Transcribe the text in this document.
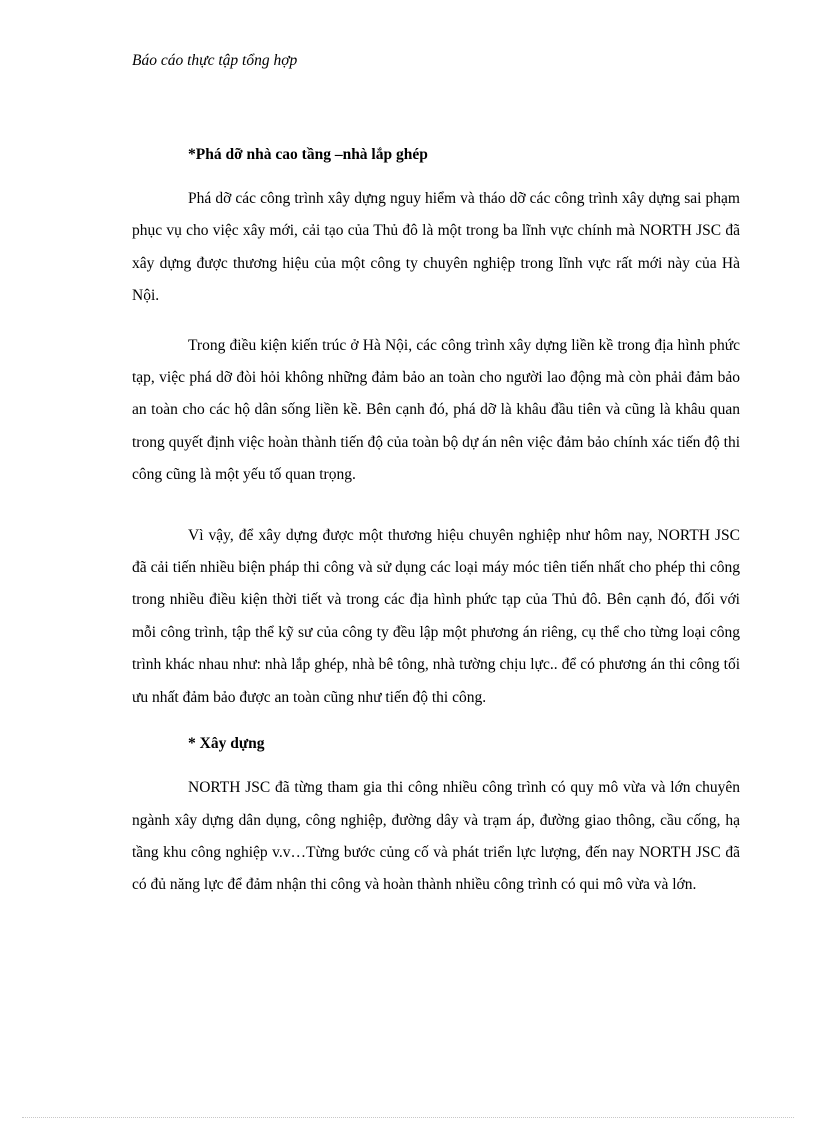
Báo cáo thực tập tổng hợp
*Phá dỡ nhà cao tầng –nhà lắp ghép

Phá dỡ các công trình xây dựng nguy hiểm và tháo dỡ các công trình xây dựng sai phạm phục vụ cho việc xây mới, cải tạo của Thủ đô là một trong ba lĩnh vực chính mà NORTH JSC đã xây dựng được thương hiệu của một công ty chuyên nghiệp trong lĩnh vực rất mới này của Hà Nội.

Trong điều kiện kiến trúc ở Hà Nội, các công trình xây dựng liền kề trong địa hình phức tạp, việc phá dỡ đòi hỏi không những đảm bảo an toàn cho người lao động mà còn phải đảm bảo an toàn cho các hộ dân sống liền kề. Bên cạnh đó, phá dỡ là khâu đầu tiên và cũng là khâu quan trong quyết định việc hoàn thành tiến độ của toàn bộ dự án nên việc đảm bảo chính xác tiến độ thi công cũng là một yếu tố quan trọng.

Vì vậy, để xây dựng được một thương hiệu chuyên nghiệp như hôm nay, NORTH JSC đã cải tiến nhiều biện pháp thi công và sử dụng các loại máy móc tiên tiến nhất cho phép thi công trong nhiều điều kiện thời tiết và trong các địa hình phức tạp của Thủ đô. Bên cạnh đó, đối với mỗi công trình, tập thể kỹ sư của công ty đều lập một phương án riêng, cụ thể cho từng loại công trình khác nhau như: nhà lắp ghép, nhà bê tông, nhà tường chịu lực.. để có phương án thi công tối ưu nhất đảm bảo được an toàn cũng như tiến độ thi công.

* Xây dựng

NORTH JSC đã từng tham gia thi công nhiều công trình có quy mô vừa và lớn chuyên ngành xây dựng dân dụng, công nghiệp, đường dây và trạm áp, đường giao thông, cầu cống, hạ tầng khu công nghiệp v.v…Từng bước củng cố và phát triển lực lượng, đến nay NORTH JSC đã có đủ năng lực để đảm nhận thi công và hoàn thành nhiều công trình có qui mô vừa và lớn.
